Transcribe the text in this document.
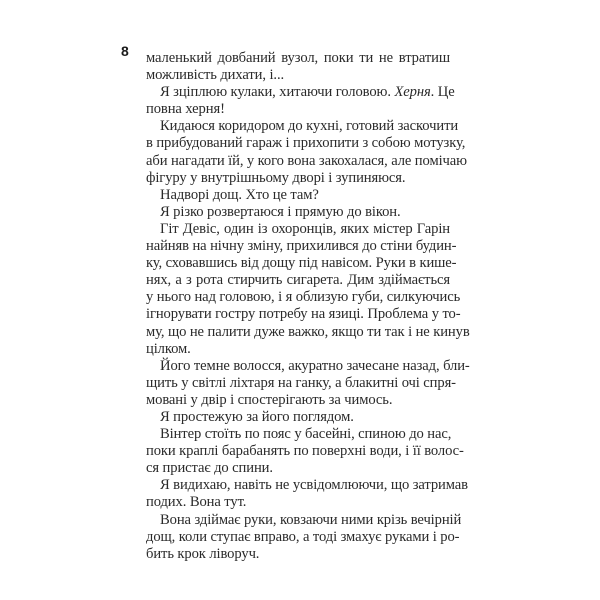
8 маленький довбаний вузол, поки ти не втратиш
можливість дихати, і...

Я зціплюю кулаки, хитаючи головою. Херня. Це
повна херня!

Кидаюся коридором до кухні, готовий заскочити
в прибудований гараж і прихопити з собою мотузку,
аби нагадати їй, у кого вона закохалася, але помічаю
фігуру у внутрішньому дворі і зупиняюся.

Надворі дощ. Хто це там?

Я різко розвертаюся і прямую до вікон.

Гіт Девіс, один із охоронців, яких містер Гарін
найняв на нічну зміну, прихилився до стіни будин-
ку, сховавшись від дощу під навісом. Руки в кише-
нях, а з рота стирчить сигарета. Дим здіймається
у нього над головою, і я облизую губи, силкуючись
ігнорувати гостру потребу на язиці. Проблема у то-
му, що не палити дуже важко, якщо ти так і не кинув
цілком.

Його темне волосся, акуратно зачесане назад, бли-
щить у світлі ліхтаря на ганку, а блакитні очі спря-
мовані у двір і спостерігають за чимось.

Я простежую за його поглядом.

Вінтер стоїть по пояс у басейні, спиною до нас,
поки краплі барабанять по поверхні води, і її волос-
ся пристає до спини.

Я видихаю, навіть не усвідомлюючи, що затримав
подих. Вона тут.

Вона здіймає руки, ковзаючи ними крізь вечірній
дощ, коли ступає вправо, а тоді змахує руками і ро-
бить крок ліворуч.
